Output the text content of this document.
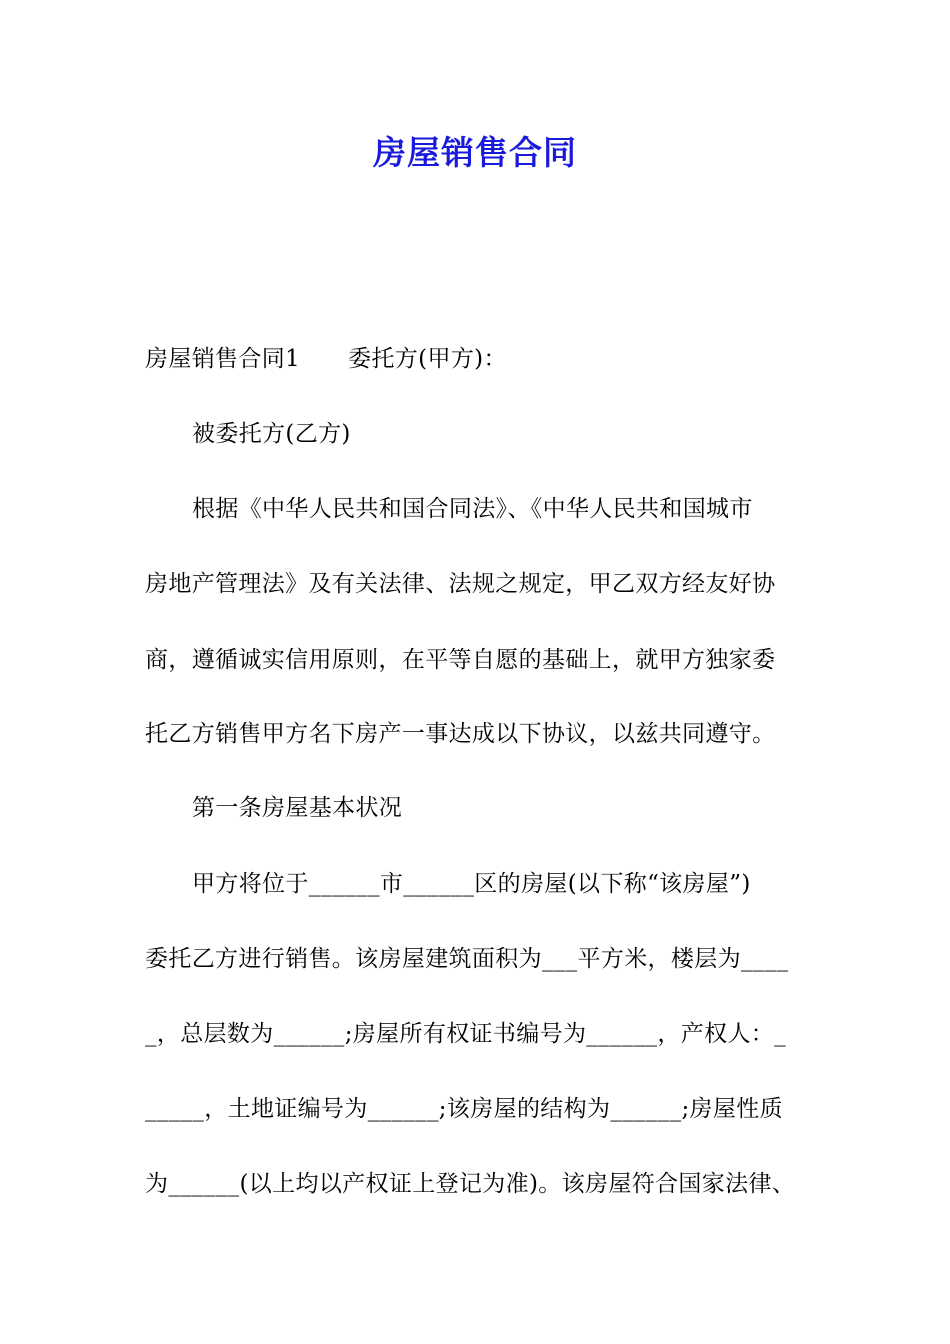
房屋销售合同
房屋销售合同1 委托方(甲方)：
被委托方(乙方)
根据《中华人民共和国合同法》、《中华人民共和国城市
房地产管理法》及有关法律、法规之规定，甲乙双方经友好协
商，遵循诚实信用原则，在平等自愿的基础上，就甲方独家委
托乙方销售甲方名下房产一事达成以下协议，以兹共同遵守。
第一条房屋基本状况
甲方将位于______市______区的房屋(以下称“该房屋”)
委托乙方进行销售。该房屋建筑面积为___平方米，楼层为____
_，总层数为______;房屋所有权证书编号为______，产权人：_
_____，土地证编号为______;该房屋的结构为______;房屋性质
为______(以上均以产权证上登记为准)。该房屋符合国家法律、
